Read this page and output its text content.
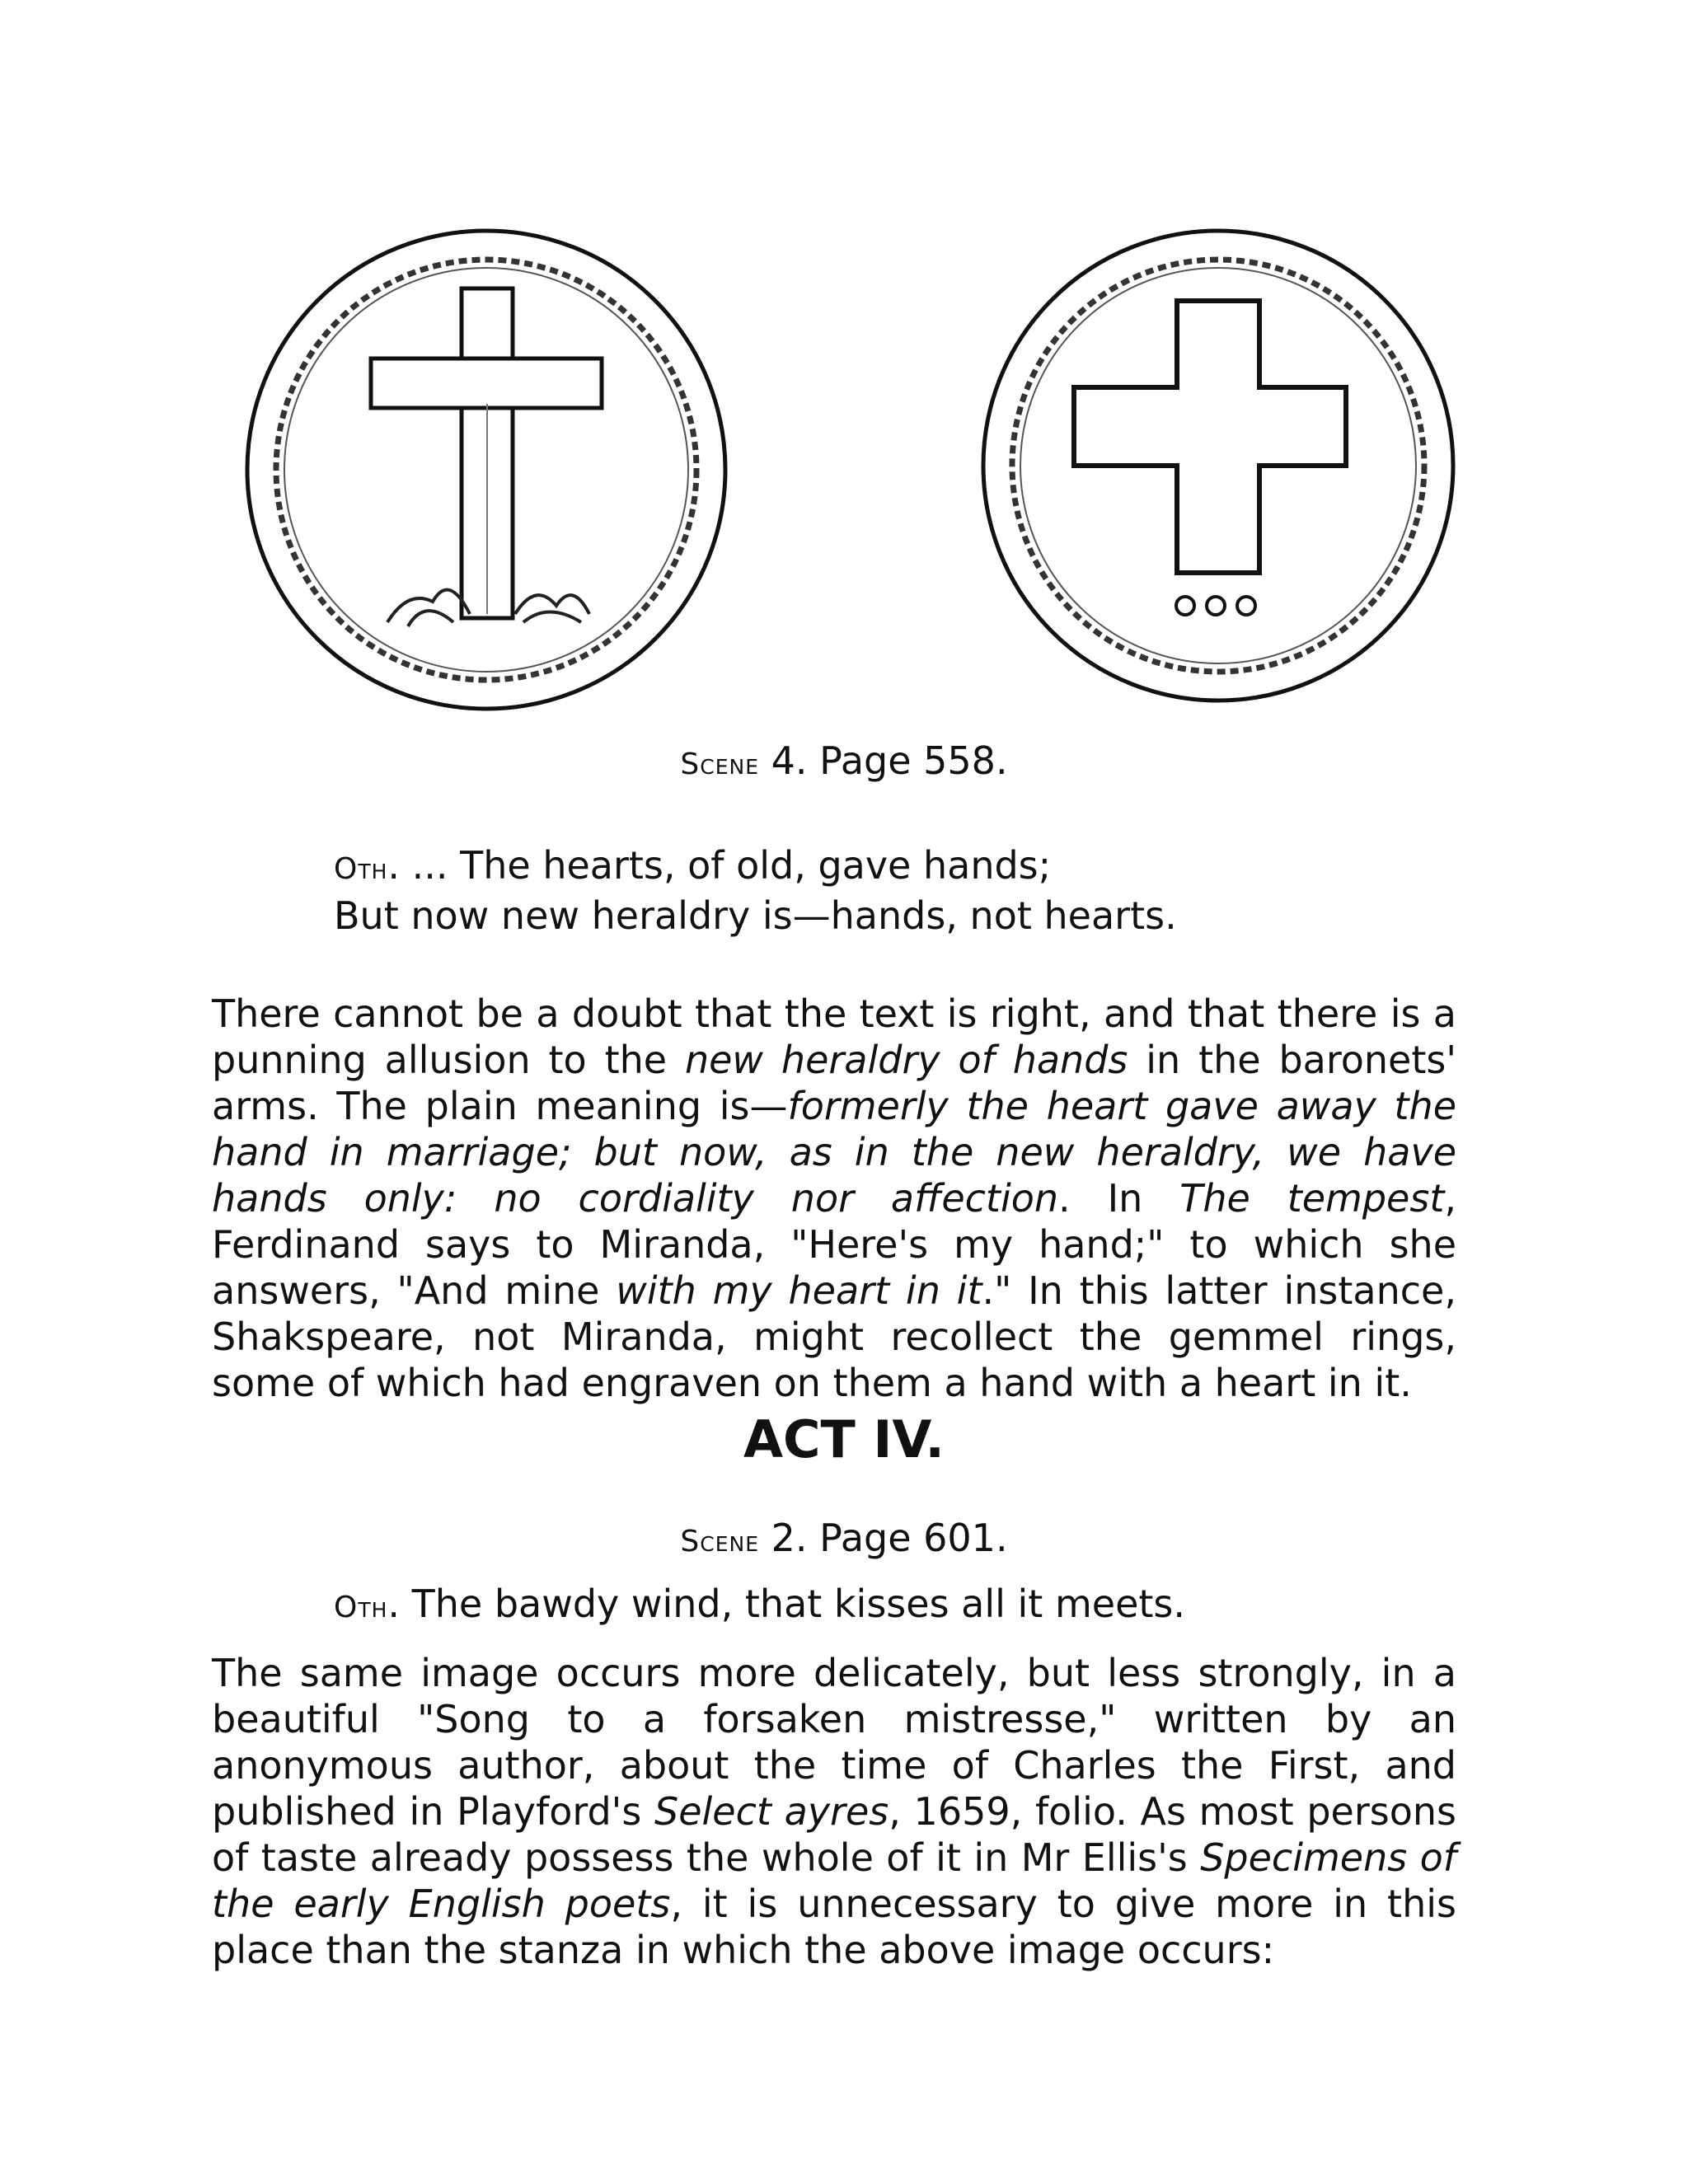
Scene 4. Page 558.
Oth. ... The hearts, of old, gave hands;
But now new heraldry is—hands, not hearts.
There cannot be a doubt that the text is right, and that there is a punning allusion to the new heraldry of hands in the baronets' arms. The plain meaning is—formerly the heart gave away the hand in marriage; but now, as in the new heraldry, we have hands only: no cordiality nor affection. In The tempest, Ferdinand says to Miranda, "Here's my hand;" to which she answers, "And mine with my heart in it." In this latter instance, Shakspeare, not Miranda, might recollect the gemmel rings, some of which had engraven on them a hand with a heart in it.
ACT IV.
Scene 2. Page 601.
Oth. The bawdy wind, that kisses all it meets.
The same image occurs more delicately, but less strongly, in a beautiful "Song to a forsaken mistresse," written by an anonymous author, about the time of Charles the First, and published in Playford's Select ayres, 1659, folio. As most persons of taste already possess the whole of it in Mr Ellis's Specimens of the early English poets, it is unnecessary to give more in this place than the stanza in which the above image occurs:
